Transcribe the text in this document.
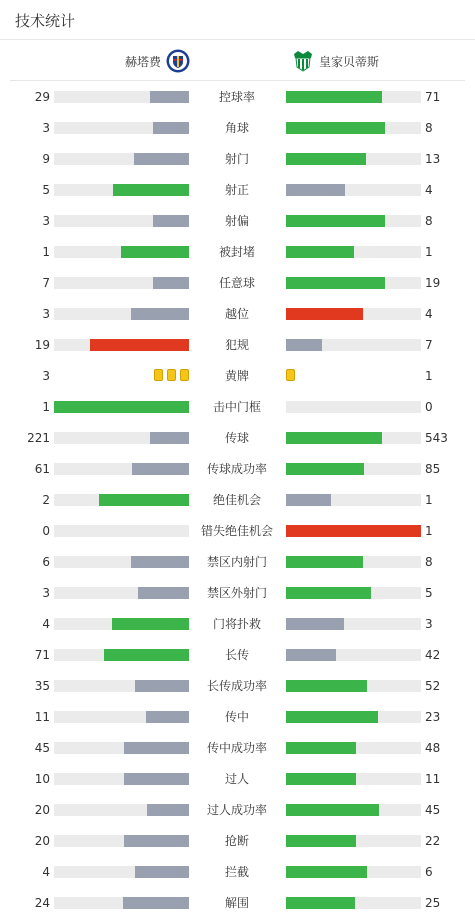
技术统计
赫塔费	皇家贝蒂斯
29	控球率	71
3	角球	8
9	射门	13
5	射正	4
3	射偏	8
1	被封堵	1
7	任意球	19
3	越位	4
19	犯规	7
3	黄牌	1
1	击中门框	0
221	传球	543
61	传球成功率	85
2	绝佳机会	1
0	错失绝佳机会	1
6	禁区内射门	8
3	禁区外射门	5
4	门将扑救	3
71	长传	42
35	长传成功率	52
11	传中	23
45	传中成功率	48
10	过人	11
20	过人成功率	45
20	抢断	22
4	拦截	6
24	解围	25
